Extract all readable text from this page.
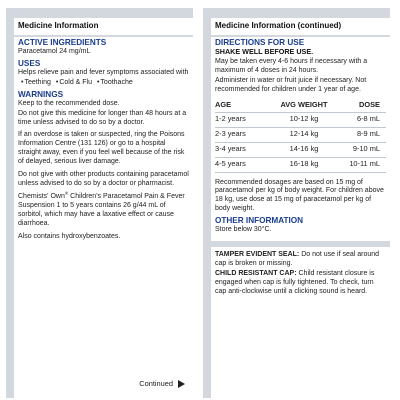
Medicine Information
ACTIVE INGREDIENTS
Paracetamol 24 mg/mL
USES
Helps relieve pain and fever symptoms associated with
•Teething •Cold & Flu •Toothache
WARNINGS
Keep to the recommended dose.
Do not give this medicine for longer than 48 hours at a time unless advised to do so by a doctor.
If an overdose is taken or suspected, ring the Poisons Information Centre (131 126) or go to a hospital straight away, even if you feel well because of the risk of delayed, serious liver damage.
Do not give with other products containing paracetamol unless advised to do so by a doctor or pharmacist.
Chemists' Own® Children's Paracetamol Pain & Fever Suspension 1 to 5 years contains 26 g/44 mL of sorbitol, which may have a laxative effect or cause diarrhoea.
Also contains hydroxybenzoates.
Continued
Medicine Information (continued)
DIRECTIONS FOR USE
SHAKE WELL BEFORE USE.
May be taken every 4-6 hours if necessary with a maximum of 4 doses in 24 hours.
Administer in water or fruit juice if necessary. Not recommended for children under 1 year of age.
AGE	AVG WEIGHT	DOSE
1-2 years	10-12 kg	6-8 mL
2-3 years	12-14 kg	8-9 mL
3-4 years	14-16 kg	9-10 mL
4-5 years	16-18 kg	10-11 mL
Recommended dosages are based on 15 mg of paracetamol per kg of body weight. For children above 18 kg, use dose at 15 mg of paracetamol per kg of body weight.
OTHER INFORMATION
Store below 30°C.
TAMPER EVIDENT SEAL: Do not use if seal around cap is broken or missing.
CHILD RESISTANT CAP: Child resistant closure is engaged when cap is fully tightened. To check, turn cap anti-clockwise until a clicking sound is heard.
